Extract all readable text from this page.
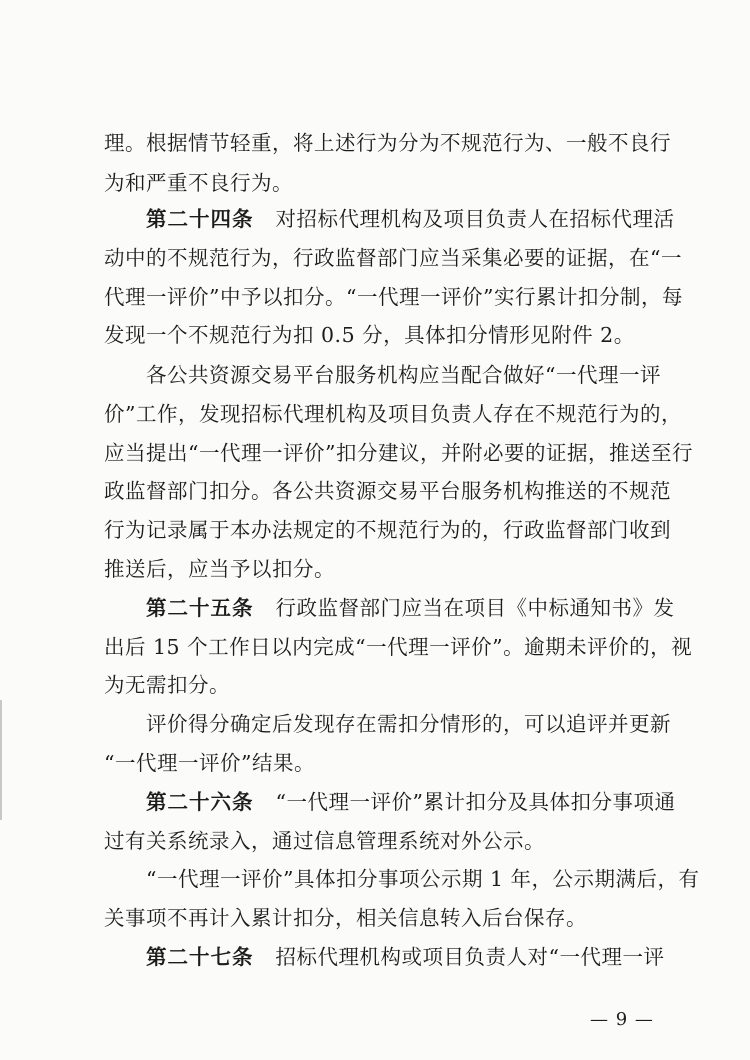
理。根据情节轻重，将上述行为分为不规范行为、一般不良行
为和严重不良行为。
第二十四条 对招标代理机构及项目负责人在招标代理活
动中的不规范行为，行政监督部门应当采集必要的证据，在“一
代理一评价”中予以扣分。“一代理一评价”实行累计扣分制，每
发现一个不规范行为扣 0.5 分，具体扣分情形见附件 2。
各公共资源交易平台服务机构应当配合做好“一代理一评
价”工作，发现招标代理机构及项目负责人存在不规范行为的，
应当提出“一代理一评价”扣分建议，并附必要的证据，推送至行
政监督部门扣分。各公共资源交易平台服务机构推送的不规范
行为记录属于本办法规定的不规范行为的，行政监督部门收到
推送后，应当予以扣分。
第二十五条 行政监督部门应当在项目《中标通知书》发
出后 15 个工作日以内完成“一代理一评价”。逾期未评价的，视
为无需扣分。
评价得分确定后发现存在需扣分情形的，可以追评并更新
“一代理一评价”结果。
第二十六条 “一代理一评价”累计扣分及具体扣分事项通
过有关系统录入，通过信息管理系统对外公示。
“一代理一评价”具体扣分事项公示期 1 年，公示期满后，有
关事项不再计入累计扣分，相关信息转入后台保存。
第二十七条 招标代理机构或项目负责人对“一代理一评
— 9 —
